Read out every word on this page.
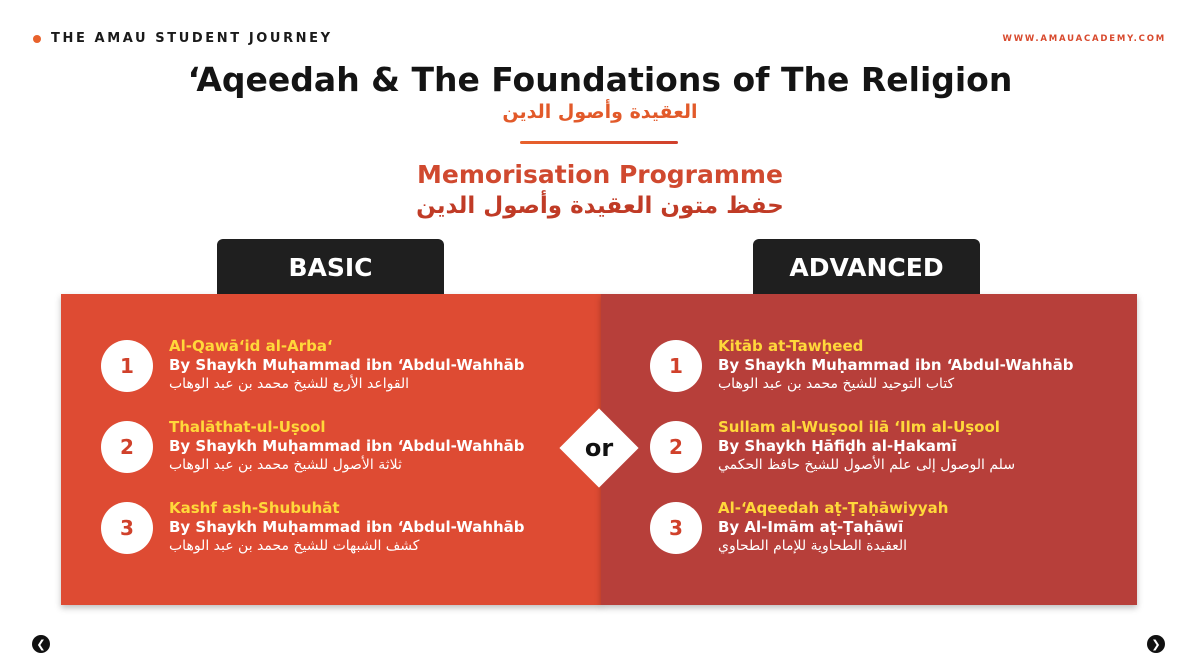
THE AMAU STUDENT JOURNEY	WWW.AMAUACADEMY.COM
‘Aqeedah & The Foundations of The Religion
العقيدة وأصول الدين
Memorisation Programme
حفظ متون العقيدة وأصول الدين
BASIC	ADVANCED
1
Al-Qawā‘id al-Arba‘
By Shaykh Muḥammad ibn ‘Abdul-Wahhāb
القواعد الأربع للشيخ محمد بن عبد الوهاب
2
Thalāthat-ul-Uṣool
By Shaykh Muḥammad ibn ‘Abdul-Wahhāb
ثلاثة الأصول للشيخ محمد بن عبد الوهاب
3
Kashf ash-Shubuhāt
By Shaykh Muḥammad ibn ‘Abdul-Wahhāb
كشف الشبهات للشيخ محمد بن عبد الوهاب
1
Kitāb at-Tawḥeed
By Shaykh Muḥammad ibn ‘Abdul-Wahhāb
كتاب التوحيد للشيخ محمد بن عبد الوهاب
2
Sullam al-Wuṣool ilā ‘Ilm al-Uṣool
By Shaykh Ḥāfiḍh al-Ḥakamī
سلم الوصول إلى علم الأصول للشيخ حافظ الحكمي
3
Al-‘Aqeedah aṭ-Ṭaḥāwiyyah
By Al-Imām aṭ-Ṭaḥāwī
العقيدة الطحاوية للإمام الطحاوي
or
❮	❯
